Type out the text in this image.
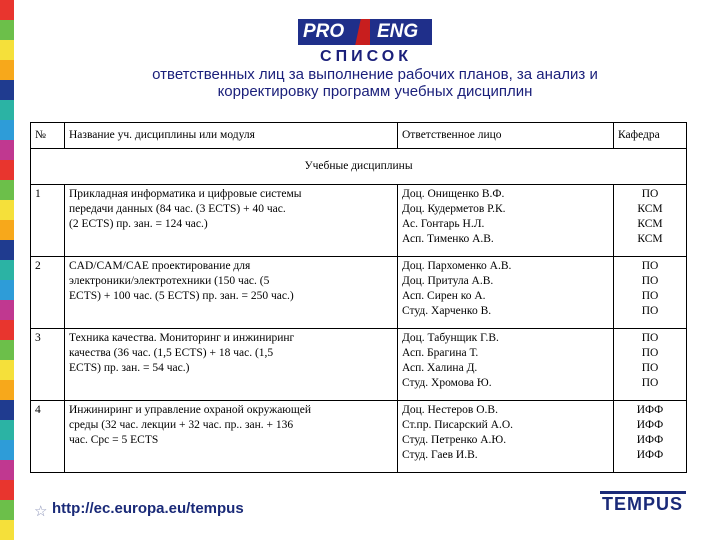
PRO ENG
СПИСОК
ответственных лиц за выполнение рабочих планов, за анализ и
корректировку программ учебных дисциплин
№	Название уч. дисциплины или модуля	Ответственное лицо	Кафедра
Учебные дисциплины			
1	Прикладная информатика и цифровые системы
передачи данных (84 час. (3 ECTS) + 40 час.
(2 ECTS) пр. зан. = 124 час.)	Доц. Онищенко В.Ф.
Доц. Кудерметов Р.К.
Ас. Гонтарь Н.Л.
Асп. Тименко А.В.	ПО
КСМ
КСМ
КСМ

2	CAD/CAM/CAE проектирование для
электроники/электротехники (150 час. (5
ECTS) + 100 час. (5 ECTS) пр. зан. = 250 час.)	Доц. Пархоменко А.В.
Доц. Притула А.В.
Асп. Сирен ко А.
Студ. Харченко В.	ПО
ПО
ПО
ПО

3	Техника качества. Мониторинг и инжиниринг
качества (36 час. (1,5 ECTS) + 18 час. (1,5
ECTS) пр. зан. = 54 час.)	Доц. Табунщик Г.В.
Асп. Брагина Т.
Асп. Халина Д.
Студ. Хромова Ю.	ПО
ПО
ПО
ПО

4	Инжиниринг и управление охраной окружающей
среды (32 час. лекции + 32 час. пр.. зан. + 136
час. Срс = 5 ECTS	Доц. Нестеров О.В.
Ст.пр. Писарский А.О.
Студ. Петренко А.Ю.
Студ. Гаев И.В.	ИФФ
ИФФ
ИФФ
ИФФ
☆ http://ec.europa.eu/tempus	TEMPUS
